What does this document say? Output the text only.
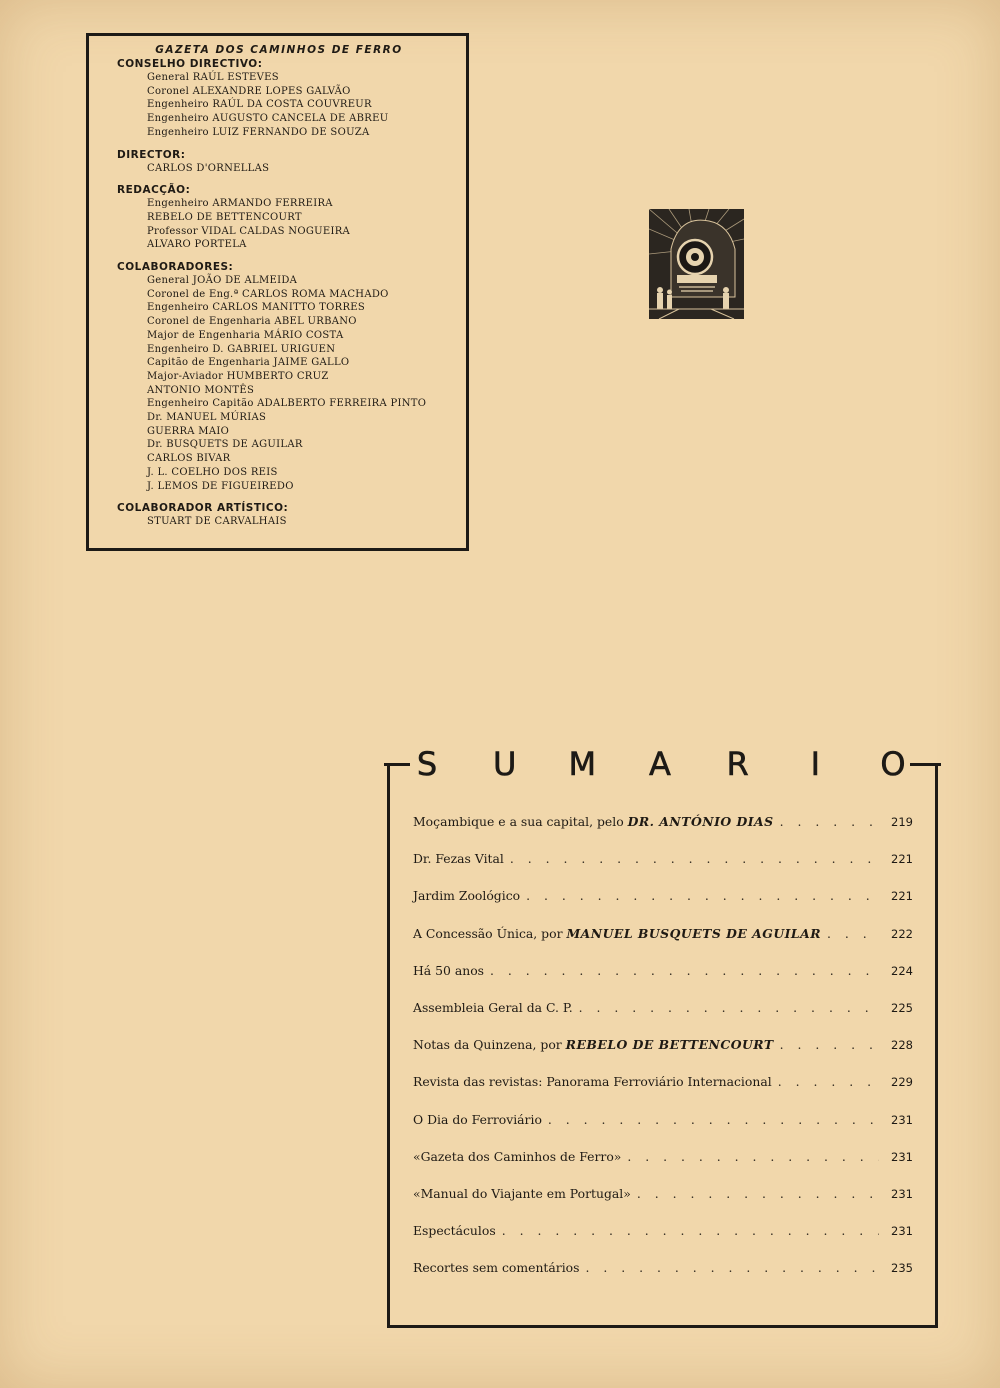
GAZETA DOS CAMINHOS DE FERRO
CONSELHO DIRECTIVO:
General RAÚL ESTEVES
Coronel ALEXANDRE LOPES GALVÃO
Engenheiro RAÚL DA COSTA COUVREUR
Engenheiro AUGUSTO CANCELA DE ABREU
Engenheiro LUIZ FERNANDO DE SOUZA
DIRECTOR:
CARLOS D'ORNELLAS
REDACÇÃO:
Engenheiro ARMANDO FERREIRA
REBELO DE BETTENCOURT
Professor VIDAL CALDAS NOGUEIRA
ALVARO PORTELA
COLABORADORES:
General JOÃO DE ALMEIDA
Coronel de Eng.ª CARLOS ROMA MACHADO
Engenheiro CARLOS MANITTO TORRES
Coronel de Engenharia ABEL URBANO
Major de Engenharia MÁRIO COSTA
Engenheiro D. GABRIEL URIGUEN
Capitão de Engenharia JAIME GALLO
Major-Aviador HUMBERTO CRUZ
ANTONIO MONTÊS
Engenheiro Capitão ADALBERTO FERREIRA PINTO
Dr. MANUEL MÚRIAS
GUERRA MAIO
Dr. BUSQUETS DE AGUILAR
CARLOS BIVAR
J. L. COELHO DOS REIS
J. LEMOS DE FIGUEIREDO
COLABORADOR ARTÍSTICO:
STUART DE CARVALHAIS
S U M A R	I	O
Moçambique e a sua capital, pelo DR. ANTÓNIO DIAS . . .	219
Dr. Fezas Vital . . .	221
Jardim Zoológico . . .	221
A Concessão Única, por MANUEL BUSQUETS DE AGUILAR . . .	222
Há 50 anos . . .	224
Assembleia Geral da C. P. . . .	225
Notas da Quinzena, por REBELO DE BETTENCOURT . . .	228
Revista das revistas: Panorama Ferroviário Internacional . . .	229
O Dia do Ferroviário . . .	231
«Gazeta dos Caminhos de Ferro» . . .	231
«Manual do Viajante em Portugal» . . .	231
Espectáculos . . .	231
Recortes sem comentários . . .	235
